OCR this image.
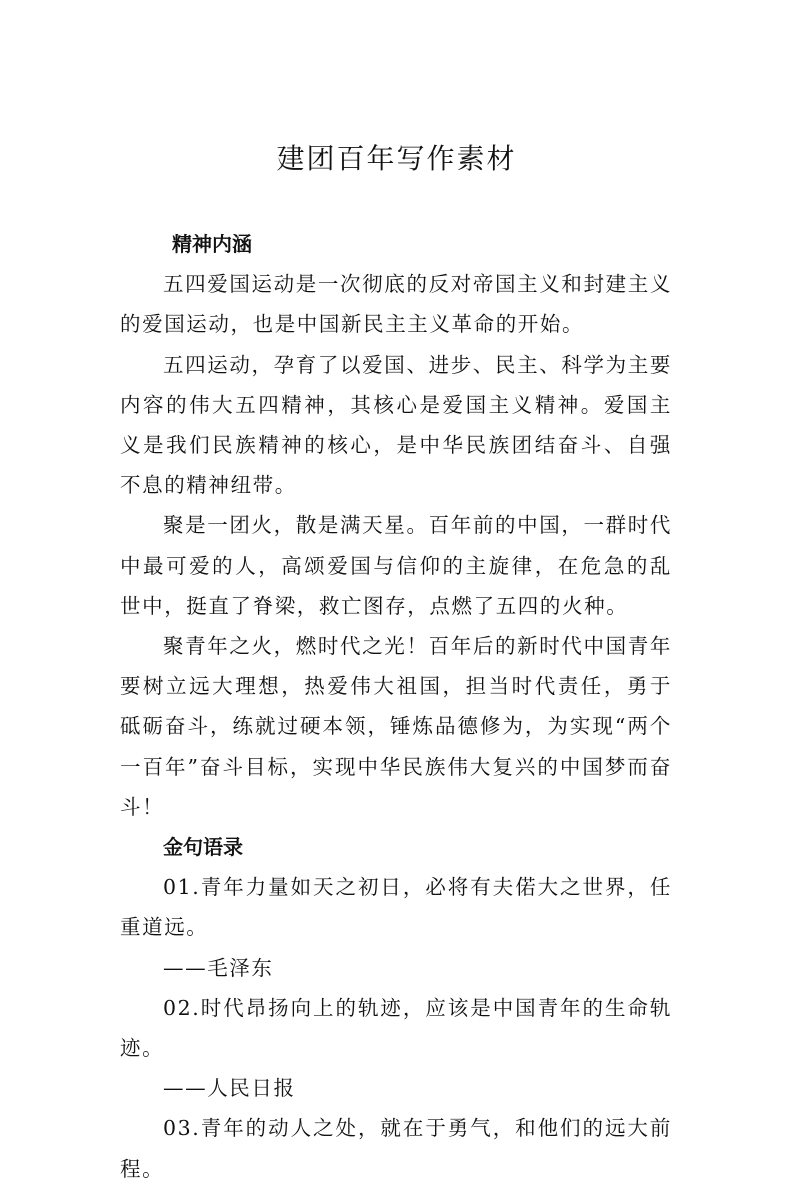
建团百年写作素材

精神内涵

五四爱国运动是一次彻底的反对帝国主义和封建主义的爱国运动，也是中国新民主主义革命的开始。

五四运动，孕育了以爱国、进步、民主、科学为主要内容的伟大五四精神，其核心是爱国主义精神。爱国主义是我们民族精神的核心，是中华民族团结奋斗、自强不息的精神纽带。

聚是一团火，散是满天星。百年前的中国，一群时代中最可爱的人，高颂爱国与信仰的主旋律，在危急的乱世中，挺直了脊梁，救亡图存，点燃了五四的火种。

聚青年之火，燃时代之光！百年后的新时代中国青年要树立远大理想，热爱伟大祖国，担当时代责任，勇于砥砺奋斗，练就过硬本领，锤炼品德修为，为实现“两个一百年”奋斗目标，实现中华民族伟大复兴的中国梦而奋斗！

金句语录

01.青年力量如天之初日，必将有夫偌大之世界，任重道远。

——毛泽东

02.时代昂扬向上的轨迹，应该是中国青年的生命轨迹。

——人民日报

03.青年的动人之处，就在于勇气，和他们的远大前程。
